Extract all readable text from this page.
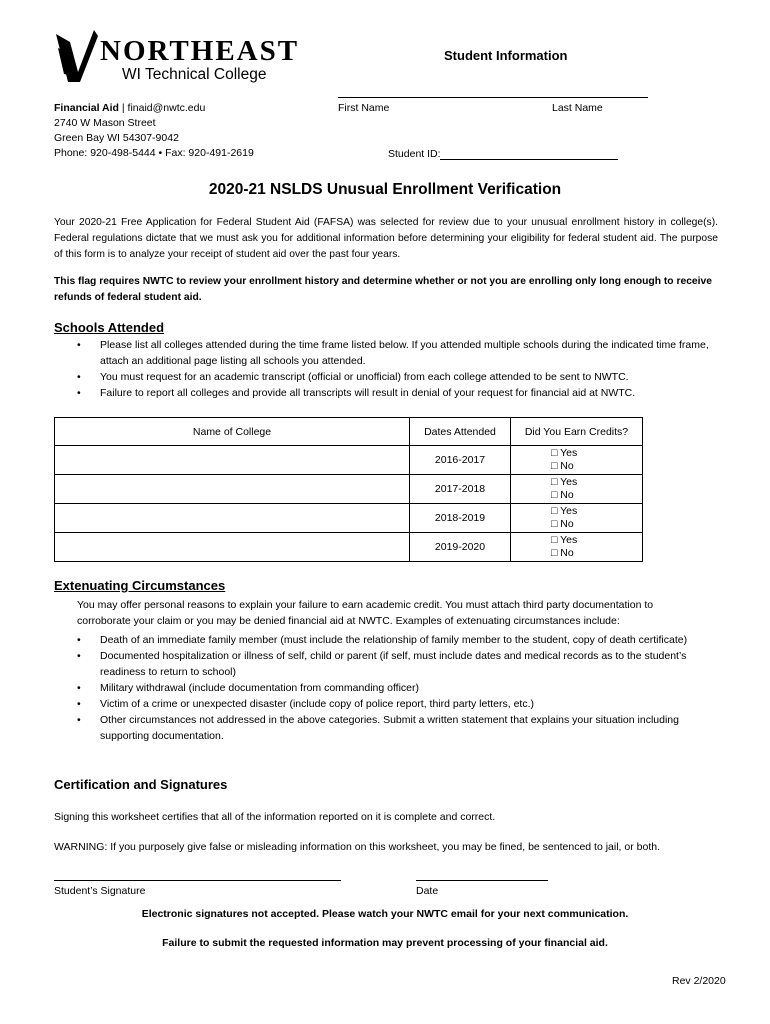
NORTHEAST
WI Technical College
Financial Aid | finaid@nwtc.edu
2740 W Mason Street
Green Bay WI 54307-9042
Phone: 920-498-5444 • Fax: 920-491-2619
Student Information
First Name	Last Name
Student ID:
2020-21 NSLDS Unusual Enrollment Verification
Your 2020-21 Free Application for Federal Student Aid (FAFSA) was selected for review due to your unusual enrollment history in college(s). Federal regulations dictate that we must ask you for additional information before determining your eligibility for federal student aid. The purpose of this form is to analyze your receipt of student aid over the past four years.
This flag requires NWTC to review your enrollment history and determine whether or not you are enrolling only long enough to receive refunds of federal student aid.
Schools Attended
• Please list all colleges attended during the time frame listed below. If you attended multiple schools during the indicated time frame, attach an additional page listing all schools you attended.
• You must request for an academic transcript (official or unofficial) from each college attended to be sent to NWTC.
• Failure to report all colleges and provide all transcripts will result in denial of your request for financial aid at NWTC.
Name of College	Dates Attended	Did You Earn Credits?
	2016-2017	□ Yes
□ No

	2017-2018	□ Yes
□ No

	2018-2019	□ Yes
□ No

	2019-2020	□ Yes
□ No
Extenuating Circumstances
You may offer personal reasons to explain your failure to earn academic credit. You must attach third party documentation to corroborate your claim or you may be denied financial aid at NWTC. Examples of extenuating circumstances include:
• Death of an immediate family member (must include the relationship of family member to the student, copy of death certificate)
• Documented hospitalization or illness of self, child or parent (if self, must include dates and medical records as to the student’s readiness to return to school)
• Military withdrawal (include documentation from commanding officer)
• Victim of a crime or unexpected disaster (include copy of police report, third party letters, etc.)
• Other circumstances not addressed in the above categories. Submit a written statement that explains your situation including supporting documentation.
Certification and Signatures
Signing this worksheet certifies that all of the information reported on it is complete and correct.
WARNING: If you purposely give false or misleading information on this worksheet, you may be fined, be sentenced to jail, or both.
Student’s Signature	Date
Electronic signatures not accepted. Please watch your NWTC email for your next communication.
Failure to submit the requested information may prevent processing of your financial aid.
Rev 2/2020
